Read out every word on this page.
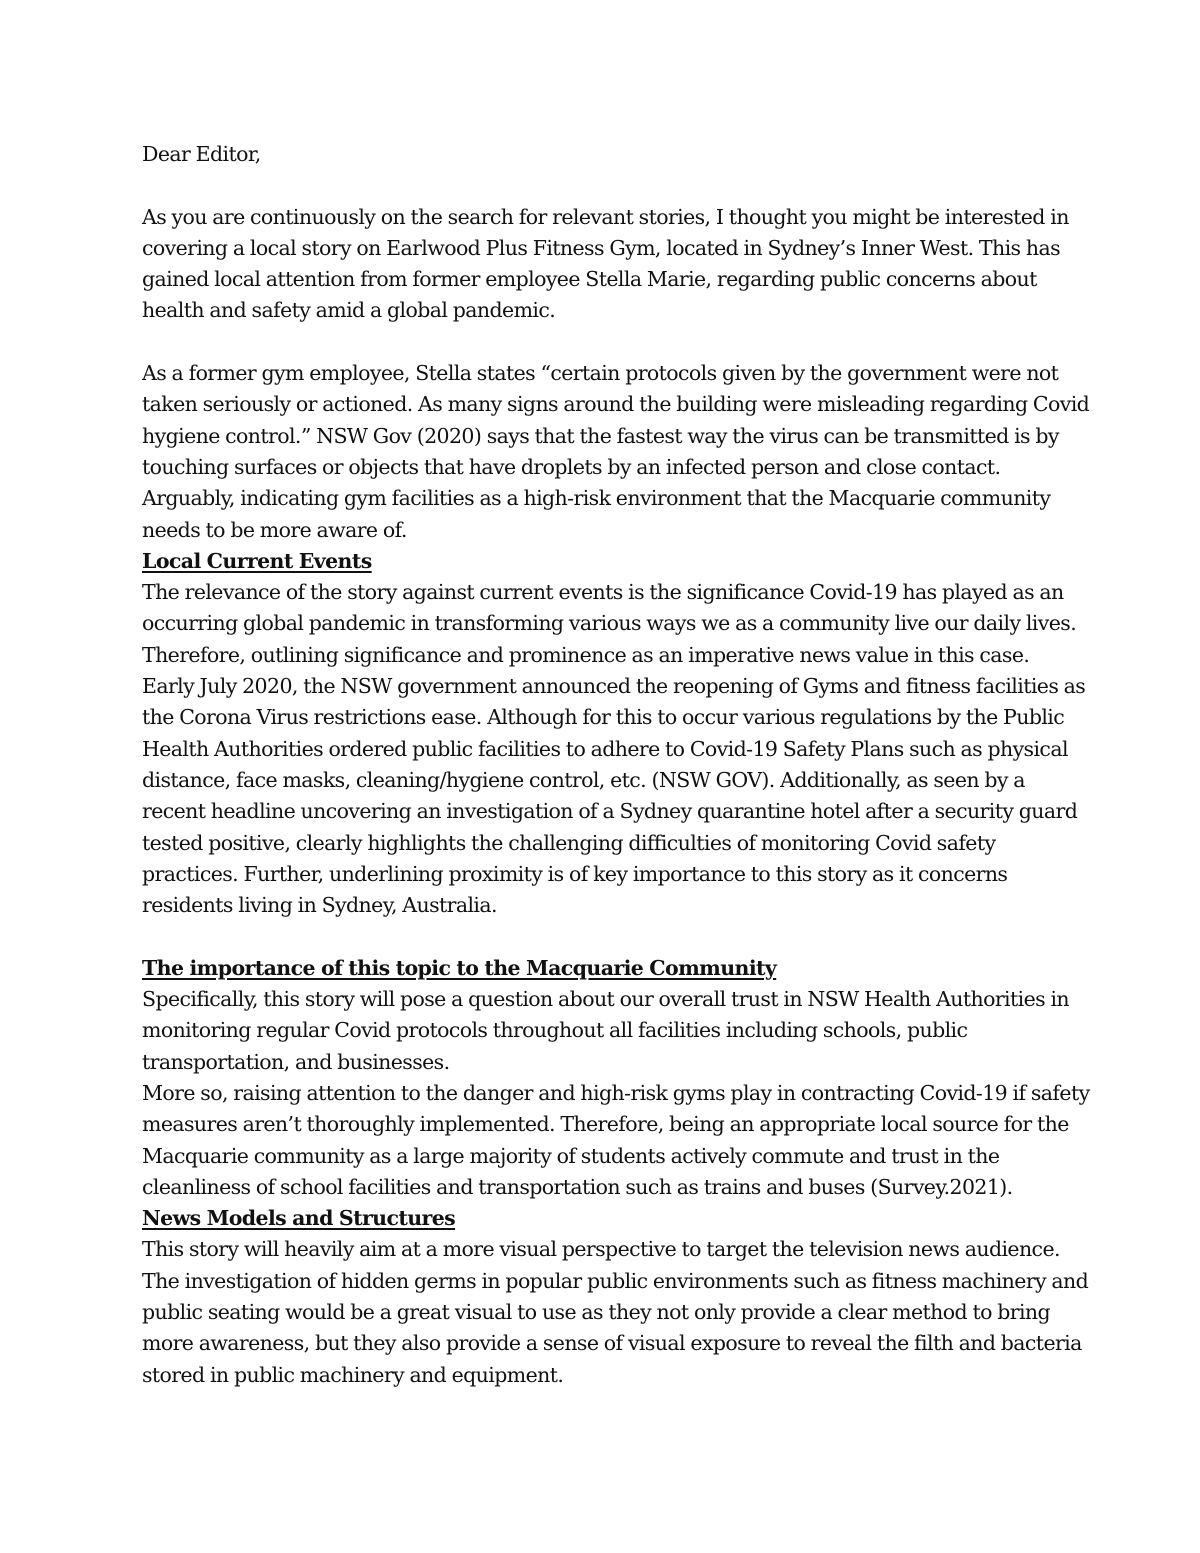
Dear Editor,
As you are continuously on the search for relevant stories, I thought you might be interested in
covering a local story on Earlwood Plus Fitness Gym, located in Sydney’s Inner West. This has
gained local attention from former employee Stella Marie, regarding public concerns about
health and safety amid a global pandemic.
As a former gym employee, Stella states “certain protocols given by the government were not
taken seriously or actioned. As many signs around the building were misleading regarding Covid
hygiene control.” NSW Gov (2020) says that the fastest way the virus can be transmitted is by
touching surfaces or objects that have droplets by an infected person and close contact.
Arguably, indicating gym facilities as a high-risk environment that the Macquarie community
needs to be more aware of.
Local Current Events
The relevance of the story against current events is the significance Covid-19 has played as an
occurring global pandemic in transforming various ways we as a community live our daily lives.
Therefore, outlining significance and prominence as an imperative news value in this case.
Early July 2020, the NSW government announced the reopening of Gyms and fitness facilities as
the Corona Virus restrictions ease. Although for this to occur various regulations by the Public
Health Authorities ordered public facilities to adhere to Covid-19 Safety Plans such as physical
distance, face masks, cleaning/hygiene control, etc. (NSW GOV). Additionally, as seen by a
recent headline uncovering an investigation of a Sydney quarantine hotel after a security guard
tested positive, clearly highlights the challenging difficulties of monitoring Covid safety
practices. Further, underlining proximity is of key importance to this story as it concerns
residents living in Sydney, Australia.
The importance of this topic to the Macquarie Community
Specifically, this story will pose a question about our overall trust in NSW Health Authorities in
monitoring regular Covid protocols throughout all facilities including schools, public
transportation, and businesses.
More so, raising attention to the danger and high-risk gyms play in contracting Covid-19 if safety
measures aren’t thoroughly implemented. Therefore, being an appropriate local source for the
Macquarie community as a large majority of students actively commute and trust in the
cleanliness of school facilities and transportation such as trains and buses (Survey.2021).
News Models and Structures
This story will heavily aim at a more visual perspective to target the television news audience.
The investigation of hidden germs in popular public environments such as fitness machinery and
public seating would be a great visual to use as they not only provide a clear method to bring
more awareness, but they also provide a sense of visual exposure to reveal the filth and bacteria
stored in public machinery and equipment.
